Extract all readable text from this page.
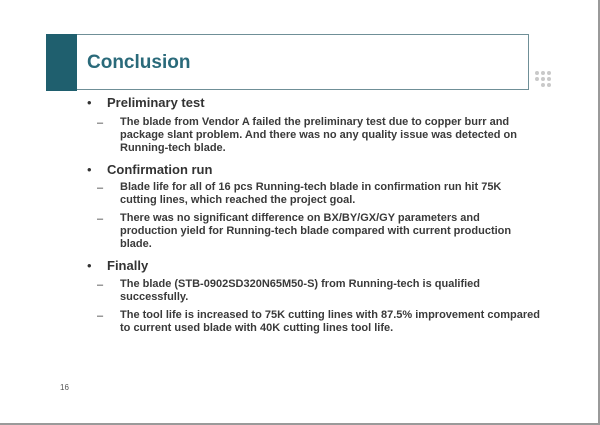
Conclusion
• Preliminary test
– The blade from Vendor A failed the preliminary test due to copper burr and package slant problem. And there was no any quality issue was detected on Running-tech blade.
• Confirmation run
– Blade life for all of 16 pcs Running-tech blade in confirmation run hit 75K cutting lines, which reached the project goal.
– There was no significant difference on BX/BY/GX/GY parameters and production yield for Running-tech blade compared with current production blade.
• Finally
– The blade (STB-0902SD320N65M50-S) from Running-tech is qualified successfully.
– The tool life is increased to 75K cutting lines with 87.5% improvement compared to current used blade with 40K cutting lines tool life.
16
